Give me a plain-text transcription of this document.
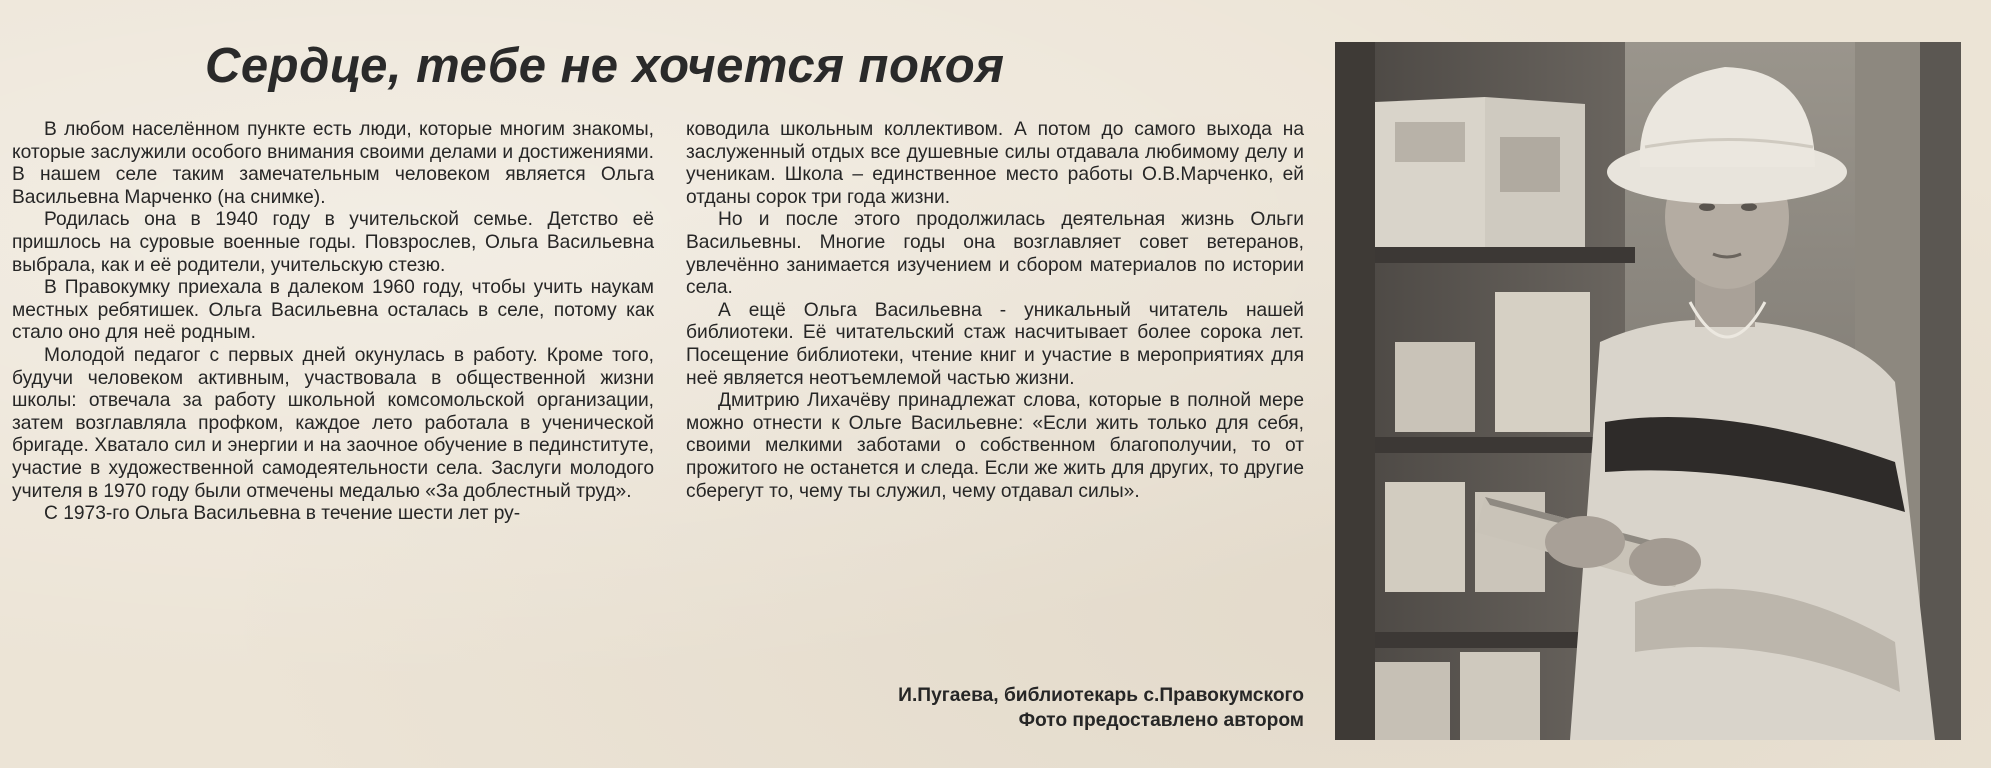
Сердце, тебе не хочется покоя

В любом населённом пункте есть люди, которые многим знакомы, которые заслужили особого внимания своими делами и достижениями. В нашем селе таким замечательным человеком является Ольга Васильевна Марченко (на снимке).

Родилась она в 1940 году в учительской семье. Детство её пришлось на суровые военные годы. Повзрослев, Ольга Васильевна выбрала, как и её родители, учительскую стезю.

В Правокумку приехала в далеком 1960 году, чтобы учить наукам местных ребятишек. Ольга Васильевна осталась в селе, потому как стало оно для неё родным.

Молодой педагог с первых дней окунулась в работу. Кроме того, будучи человеком активным, участвовала в общественной жизни школы: отвечала за работу школьной комсомольской организации, затем возглавляла профком, каждое лето работала в ученической бригаде. Хватало сил и энергии и на заочное обучение в пединституте, участие в художественной самодеятельности села. Заслуги молодого учителя в 1970 году были отмечены медалью «За доблестный труд».

С 1973-го Ольга Васильевна в течение шести лет ру-

ководила школьным коллективом. А потом до самого выхода на заслуженный отдых все душевные силы отдавала любимому делу и ученикам. Школа – единственное место работы О.В.Марченко, ей отданы сорок три года жизни.

Но и после этого продолжилась деятельная жизнь Ольги Васильевны. Многие годы она возглавляет совет ветеранов, увлечённо занимается изучением и сбором материалов по истории села.

А ещё Ольга Васильевна - уникальный читатель нашей библиотеки. Её читательский стаж насчитывает более сорока лет. Посещение библиотеки, чтение книг и участие в мероприятиях для неё является неотъемлемой частью жизни.

Дмитрию Лихачёву принадлежат слова, которые в полной мере можно отнести к Ольге Васильевне: «Если жить только для себя, своими мелкими заботами о собственном благополучии, то от прожитого не останется и следа. Если же жить для других, то другие сберегут то, чему ты служил, чему отдавал силы».

И.Пугаева, библиотекарь с.Правокумского
Фото предоставлено автором
